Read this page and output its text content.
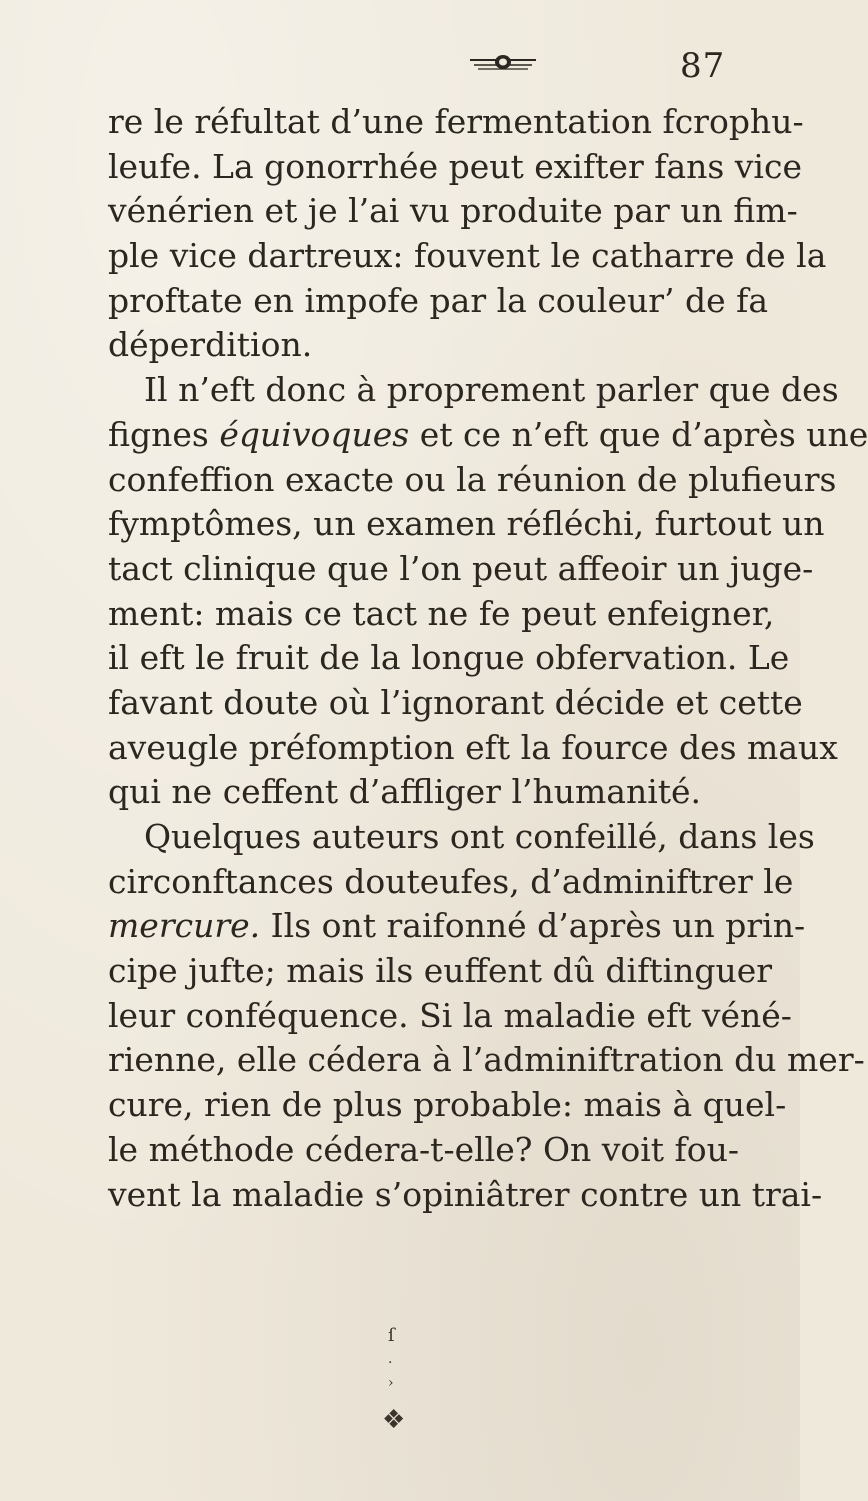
87
re le réfultat d’une fermentation fcrophu-
leufe. La gonorrhée peut exifter fans vice
vénérien et je l’ai vu produite par un fim-
ple vice dartreux: fouvent le catharre de la
proftate en impofe par la couleur’ de fa
déperdition.
Il n’eft donc à proprement parler que des
fignes équivoques et ce n’eft que d’après une
confeffion exacte ou la réunion de plufieurs
fymptômes, un examen réfléchi, furtout un
tact clinique que l’on peut affeoir un juge-
ment: mais ce tact ne fe peut enfeigner,
il eft le fruit de la longue obfervation. Le
favant doute où l’ignorant décide et cette
aveugle préfomption eft la fource des maux
qui ne ceffent d’affliger l’humanité.
Quelques auteurs ont confeillé, dans les
circonftances douteufes, d’adminiftrer le
mercure. Ils ont raifonné d’après un prin-
cipe jufte; mais ils euffent dû diftinguer
leur conféquence. Si la maladie eft véné-
rienne, elle cédera à l’adminiftration du mer-
cure, rien de plus probable: mais à quel-
le méthode cédera-t-elle? On voit fou-
vent la maladie s’opiniâtrer contre un trai-
ſ
·
›
❖
